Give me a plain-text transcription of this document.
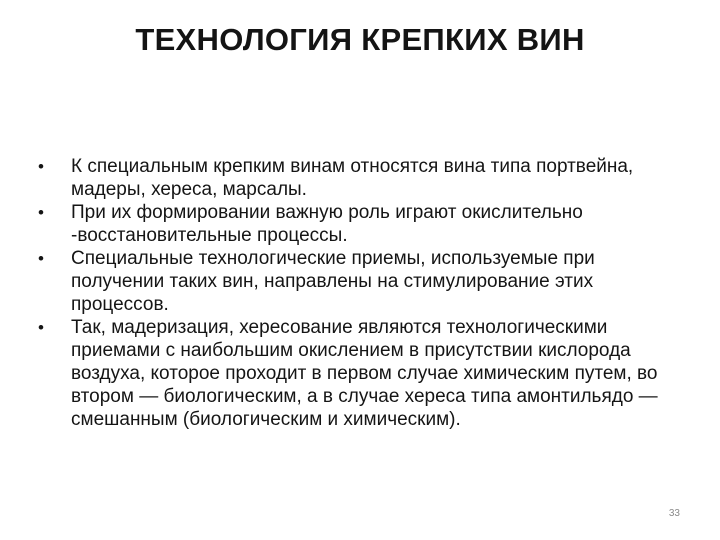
ТЕХНОЛОГИЯ КРЕПКИХ ВИН
•	К специальным крепким винам относятся вина типа портвейна, мадеры, хереса, марсалы.
•	При их формировании важную роль играют окислительно -восстановительные процессы.
•	Специальные технологические приемы, используемые при получении таких вин, направлены на стимулирование этих процессов.
•	Так, мадеризация, хересование являются технологическими приемами с наибольшим окислением в присутствии кислорода воздуха, которое проходит в первом случае химическим путем, во втором — биологическим, а в случае хереса типа амонтильядо — смешанным (биологическим и химическим).
33
